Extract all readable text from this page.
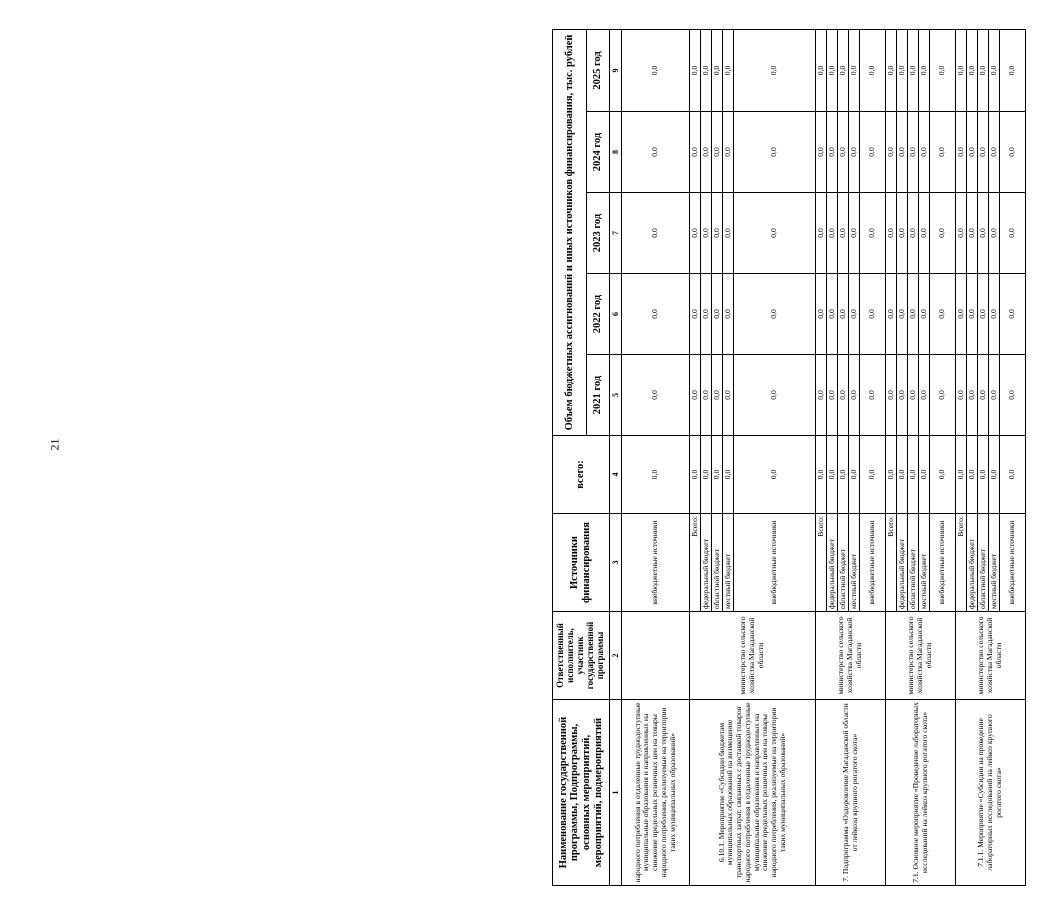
21
Наименование государственной программы, Подпрограммы, основных мероприятий, мероприятий, подмероприятий	Ответственный исполнитель, участник государственной программы	Источники финансирования	всего:	Объем бюджетных ассигнований и иных источников финансирования, тыс. рублей				
				2021 год	2022 год	2023 год	2024 год	2025 год
1	2	3	4	5	6	7	8	9
народного потребления в отдаленные труднодоступные муниципальные образования и направленных на снижение предельных розничных цен на товары народного потребления, реализуемые на территории таких муниципальных образований»		внебюджетные источники	0,0	0,0	0,0	0,0	0,0	0,0
6.10.1. Мероприятие «Субсидии бюджетам муниципальных образований на возмещение транспортных затрат, связанных с доставкой товаров народного потребления в отдаленные труднодоступные муниципальные образования и направленных на снижение предельных розничных цен на товары народного потребления, реализуемые на территории таких муниципальных образований»	министерство сельского хозяйства Магаданской области	Всего:	0,0	0,0	0,0	0,0	0,0	0,0
		федеральный бюджет	0,0	0,0	0,0	0,0	0,0	0,0
		областной бюджет	0,0	0,0	0,0	0,0	0,0	0,0
		местный бюджет	0,0	0,0	0,0	0,0	0,0	0,0
		внебюджетные источники	0,0	0,0	0,0	0,0	0,0	0,0
7. Подпрограмма «Оздоровление Магаданской области от лейкоза крупного рогатого скота»	министерство сельского хозяйства Магаданской области	Всего:	0,0	0,0	0,0	0,0	0,0	0,0
		федеральный бюджет	0,0	0,0	0,0	0,0	0,0	0,0
		областной бюджет	0,0	0,0	0,0	0,0	0,0	0,0
		местный бюджет	0,0	0,0	0,0	0,0	0,0	0,0
		внебюджетные источники	0,0	0,0	0,0	0,0	0,0	0,0
7.1. Основное мероприятие «Проведение лабораторных исследований на лейкоз крупного рогатого скота»	министерство сельского хозяйства Магаданской области	Всего:	0,0	0,0	0,0	0,0	0,0	0,0
		федеральный бюджет	0,0	0,0	0,0	0,0	0,0	0,0
		областной бюджет	0,0	0,0	0,0	0,0	0,0	0,0
		местный бюджет	0,0	0,0	0,0	0,0	0,0	0,0
		внебюджетные источники	0,0	0,0	0,0	0,0	0,0	0,0
7.1.1. Мероприятие «Субсидии на проведение лабораторных исследований на лейкоз крупного рогатого скота»	министерство сельского хозяйства Магаданской области	Всего:	0,0	0,0	0,0	0,0	0,0	0,0
		федеральный бюджет	0,0	0,0	0,0	0,0	0,0	0,0
		областной бюджет	0,0	0,0	0,0	0,0	0,0	0,0
		местный бюджет	0,0	0,0	0,0	0,0	0,0	0,0
		внебюджетные источники	0,0	0,0	0,0	0,0	0,0	0,0
